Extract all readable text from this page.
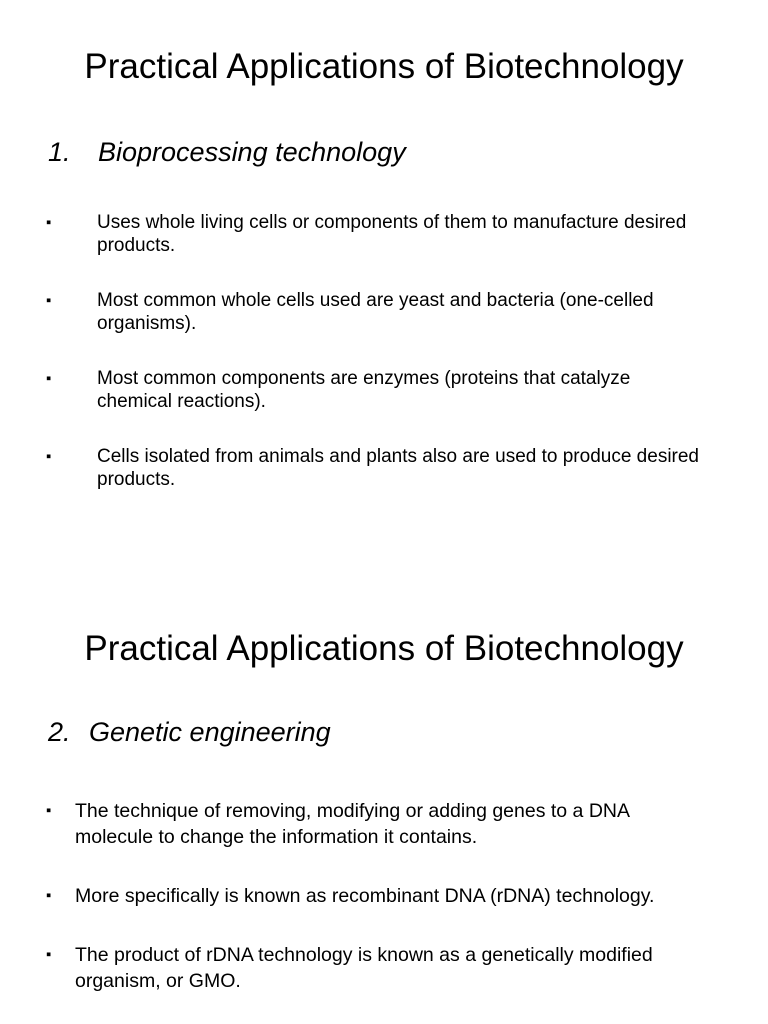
Practical Applications of Biotechnology
1. Bioprocessing technology
▪ Uses whole living cells or components of them to manufacture desired products.
▪ Most common whole cells used are yeast and bacteria (one-celled organisms).
▪ Most common components are enzymes (proteins that catalyze chemical reactions).
▪ Cells isolated from animals and plants also are used to produce desired products.
Practical Applications of Biotechnology
2. Genetic engineering
▪ The technique of removing, modifying or adding genes to a DNA molecule to change the information it contains.
▪ More specifically is known as recombinant DNA (rDNA) technology.
▪ The product of rDNA technology is known as a genetically modified organism, or GMO.
